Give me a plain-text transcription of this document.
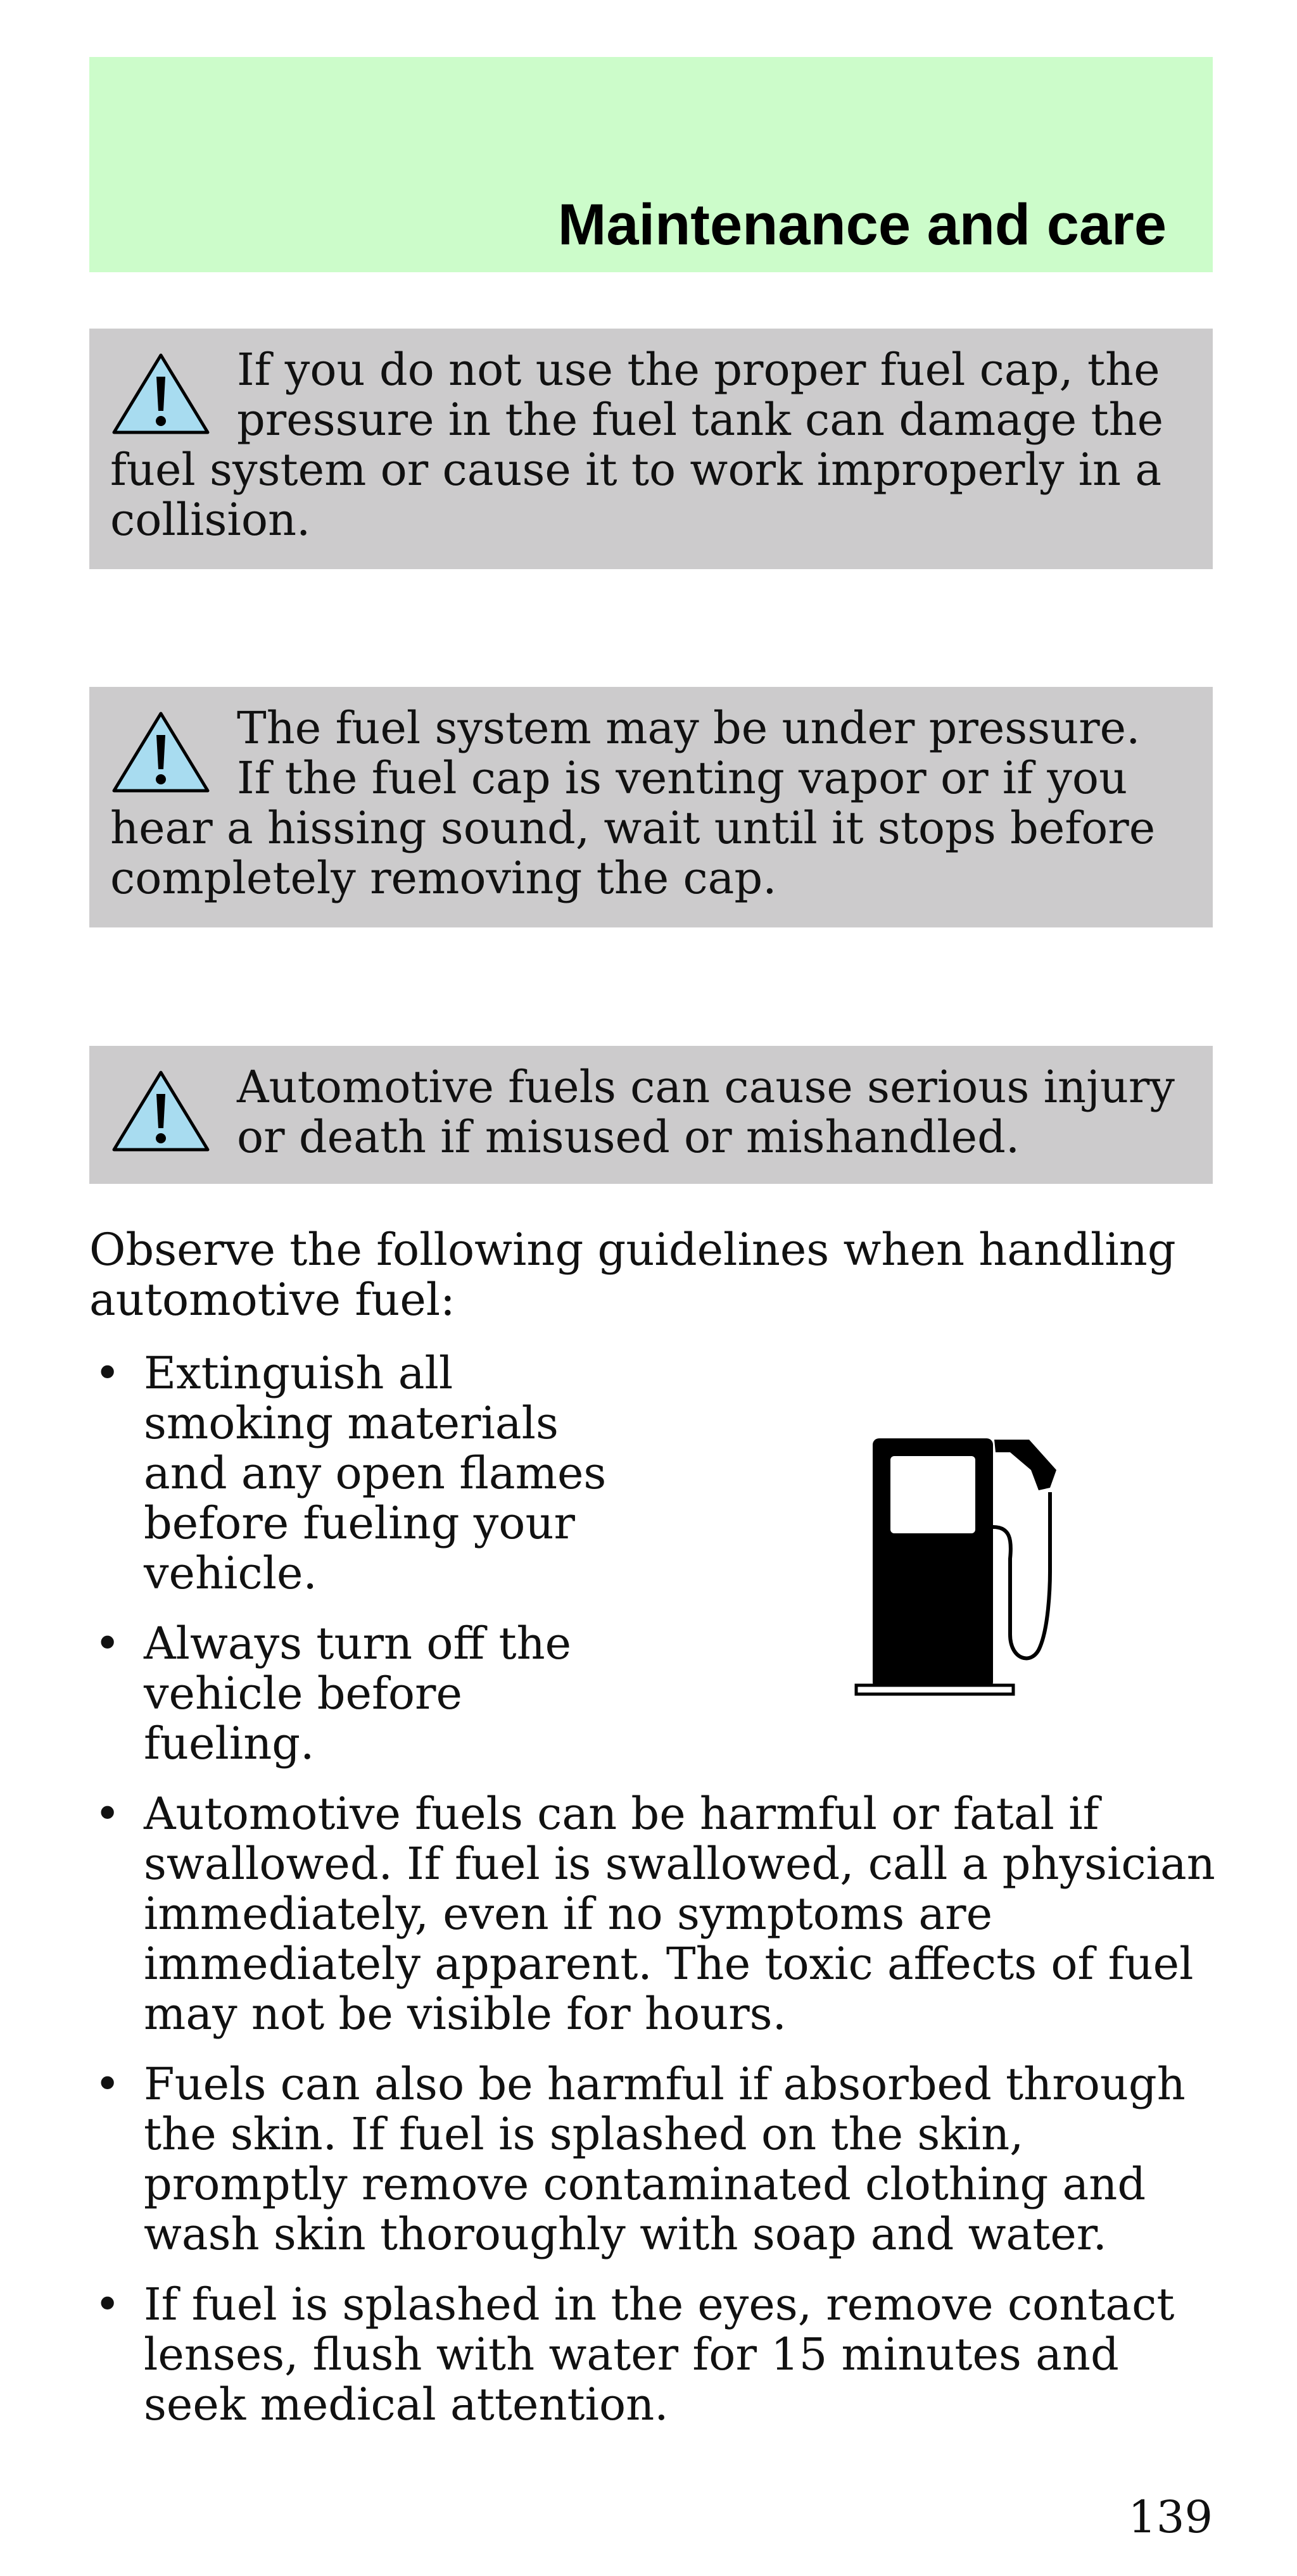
Maintenance and care

If you do not use the proper fuel cap, the pressure in the fuel tank can damage the fuel system or cause it to work improperly in a collision.

The fuel system may be under pressure. If the fuel cap is venting vapor or if you hear a hissing sound, wait until it stops before completely removing the cap.

Automotive fuels can cause serious injury or death if misused or mishandled.

Observe the following guidelines when handling automotive fuel:

• Extinguish all smoking materials and any open flames before fueling your vehicle.
• Always turn off the vehicle before fueling.
• Automotive fuels can be harmful or fatal if swallowed. If fuel is swallowed, call a physician immediately, even if no symptoms are immediately apparent. The toxic affects of fuel may not be visible for hours.
• Fuels can also be harmful if absorbed through the skin. If fuel is splashed on the skin, promptly remove contaminated clothing and wash skin thoroughly with soap and water.
• If fuel is splashed in the eyes, remove contact lenses, flush with water for 15 minutes and seek medical attention.

139
